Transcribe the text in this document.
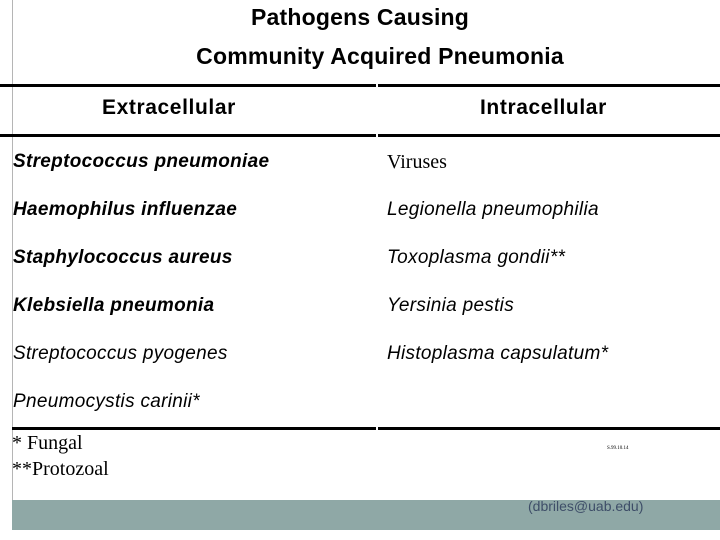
Pathogens Causing
Community Acquired Pneumonia
Extracellular	Intracellular
Streptococcus pneumoniae
Haemophilus influenzae
Staphylococcus aureus
Klebsiella pneumonia
Streptococcus pyogenes
Pneumocystis carinii*
Viruses
Legionella pneumophilia
Toxoplasma gondii**
Yersinia pestis
Histoplasma capsulatum*
* Fungal
**Protozoal
S.99.10.14
(dbriles@uab.edu)
